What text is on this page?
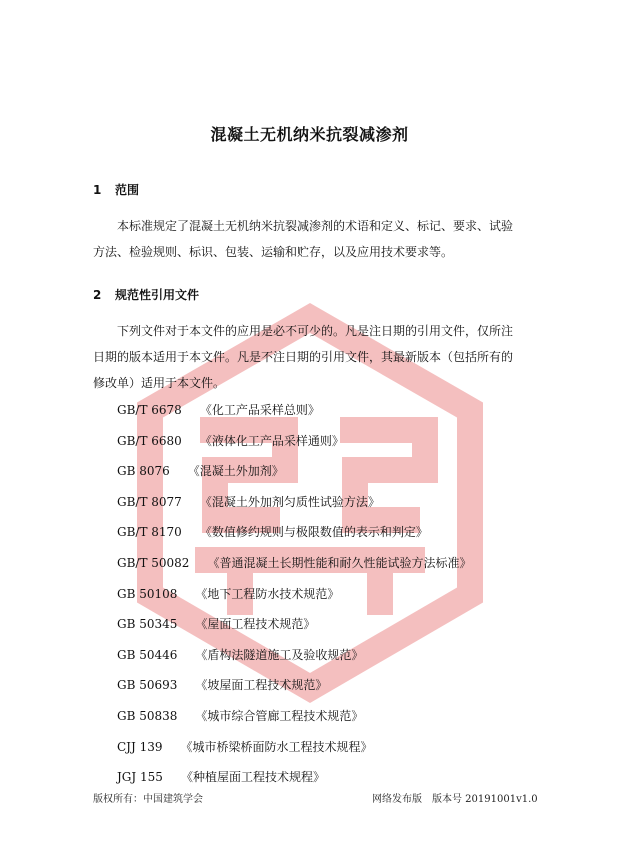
混凝土无机纳米抗裂减渗剂
1 范围

本标准规定了混凝土无机纳米抗裂减渗剂的术语和定义、标记、要求、试验方法、检验规则、标识、包装、运输和贮存，以及应用技术要求等。

2 规范性引用文件

下列文件对于本文件的应用是必不可少的。凡是注日期的引用文件，仅所注日期的版本适用于本文件。凡是不注日期的引用文件，其最新版本（包括所有的修改单）适用于本文件。

GB/T 6678 《化工产品采样总则》
GB/T 6680 《液体化工产品采样通则》
GB 8076 《混凝土外加剂》
GB/T 8077 《混凝土外加剂匀质性试验方法》
GB/T 8170 《数值修约规则与极限数值的表示和判定》
GB/T 50082 《普通混凝土长期性能和耐久性能试验方法标准》
GB 50108 《地下工程防水技术规范》
GB 50345 《屋面工程技术规范》
GB 50446 《盾构法隧道施工及验收规范》
GB 50693 《坡屋面工程技术规范》
GB 50838 《城市综合管廊工程技术规范》
CJJ 139 《城市桥梁桥面防水工程技术规程》
JGJ 155 《种植屋面工程技术规程》
版权所有：中国建筑学会	网络发布版　版本号 20191001v1.0
